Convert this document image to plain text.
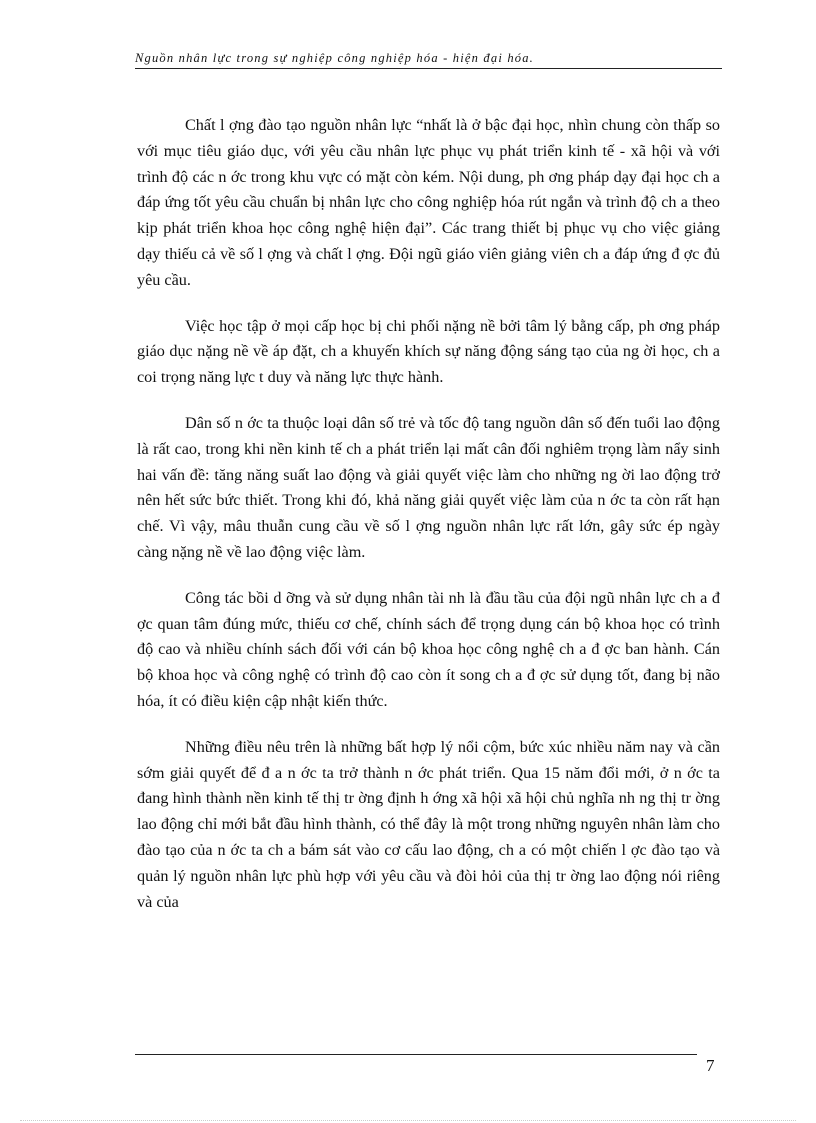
Nguồn nhân lực trong sự nghiệp công nghiệp hóa - hiện đại hóa.

Chất l ợng đào tạo nguồn nhân lực “nhất là ở bậc đại học, nhìn chung còn thấp so với mục tiêu giáo dục, với yêu cầu nhân lực phục vụ phát triển kinh tế - xã hội và với trình độ các n ớc trong khu vực có mặt còn kém. Nội dung, ph ơng pháp dạy đại học ch a đáp ứng tốt yêu cầu chuẩn bị nhân lực cho công nghiệp hóa rút ngắn và trình độ ch a theo kịp phát triển khoa học công nghệ hiện đại”. Các trang thiết bị phục vụ cho việc giảng dạy thiếu cả về số l ợng và chất l ợng. Đội ngũ giáo viên giảng viên ch a đáp ứng đ ợc đủ yêu cầu.

Việc học tập ở mọi cấp học bị chi phối nặng nề bởi tâm lý bằng cấp, ph ơng pháp giáo dục nặng nề về áp đặt, ch a khuyến khích sự năng động sáng tạo của ng ời học, ch a coi trọng năng lực t duy và năng lực thực hành.

Dân số n ớc ta thuộc loại dân số trẻ và tốc độ tang nguồn dân số đến tuổi lao động là rất cao, trong khi nền kinh tế ch a phát triển lại mất cân đối nghiêm trọng làm nẩy sinh hai vấn đề: tăng năng suất lao động và giải quyết việc làm cho những ng ời lao động trở nên hết sức bức thiết. Trong khi đó, khả năng giải quyết việc làm của n ớc ta còn rất hạn chế. Vì vậy, mâu thuẫn cung cầu về số l ợng nguồn nhân lực rất lớn, gây sức ép ngày càng nặng nề về lao động việc làm.

Công tác bồi d ỡng và sử dụng nhân tài nh là đầu tầu của đội ngũ nhân lực ch a đ ợc quan tâm đúng mức, thiếu cơ chế, chính sách để trọng dụng cán bộ khoa học có trình độ cao và nhiều chính sách đối với cán bộ khoa học công nghệ ch a đ ợc ban hành. Cán bộ khoa học và công nghệ có trình độ cao còn ít song ch a đ ợc sử dụng tốt, đang bị não hóa, ít có điều kiện cập nhật kiến thức.

Những điều nêu trên là những bất hợp lý nổi cộm, bức xúc nhiều năm nay và cần sớm giải quyết để đ a n ớc ta trở thành n ớc phát triển. Qua 15 năm đổi mới, ở n ớc ta đang hình thành nền kinh tế thị tr ờng định h ớng xã hội xã hội chủ nghĩa nh ng thị tr ờng lao động chỉ mới bắt đầu hình thành, có thể đây là một trong những nguyên nhân làm cho đào tạo của n ớc ta ch a bám sát vào cơ cấu lao động, ch a có một chiến l ợc đào tạo và quản lý nguồn nhân lực phù hợp với yêu cầu và đòi hỏi của thị tr ờng lao động nói riêng và của

7
